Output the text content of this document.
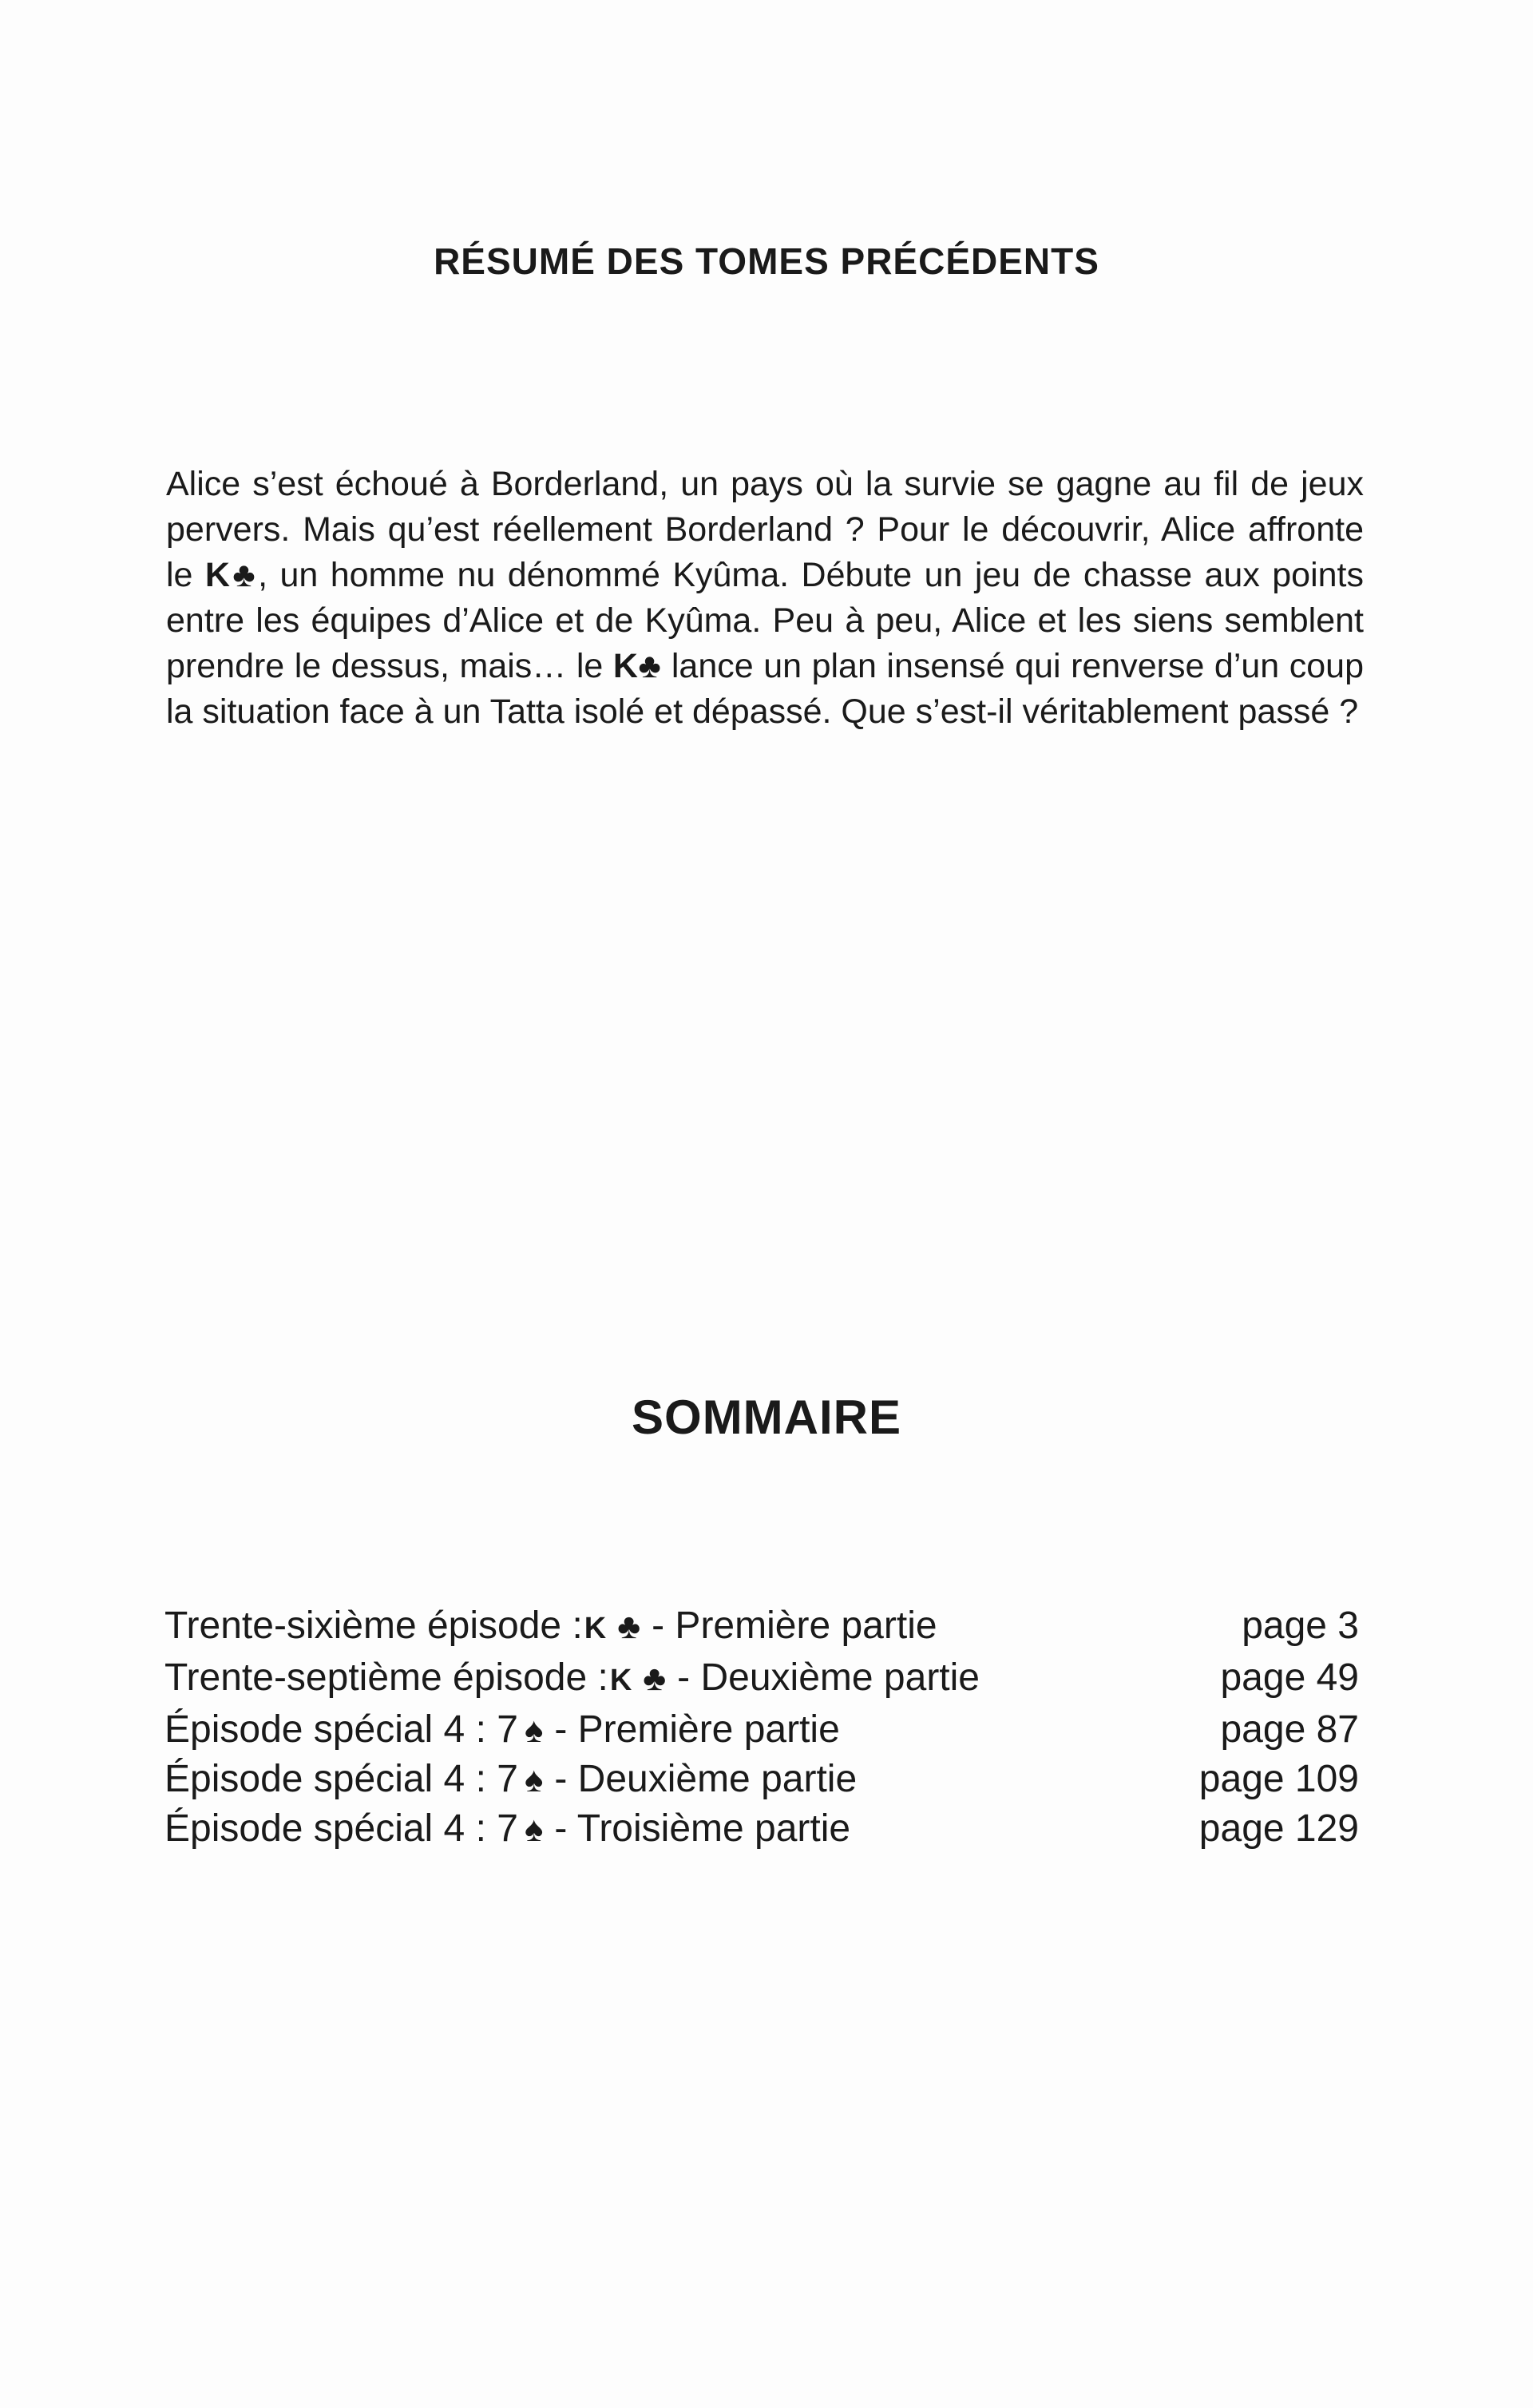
RÉSUMÉ DES TOMES PRÉCÉDENTS
Alice s’est échoué à Borderland, un pays où la survie se gagne au fil de jeux
pervers. Mais qu’est réellement Borderland ? Pour le découvrir, Alice affronte
le K♣, un homme nu dénommé Kyûma. Débute un jeu de chasse aux points
entre les équipes d’Alice et de Kyûma. Peu à peu, Alice et les siens semblent
prendre le dessus, mais… le K♣ lance un plan insensé qui renverse d’un coup
la situation face à un Tatta isolé et dépassé. Que s’est-il véritablement passé ?
SOMMAIRE
Trente-sixième épisode : K ♣ - Première partie	page 3
Trente-septième épisode : K ♣ - Deuxième partie	page 49
Épisode spécial 4 : 7 ♠ - Première partie	page 87
Épisode spécial 4 : 7 ♠ - Deuxième partie	page 109
Épisode spécial 4 : 7 ♠ - Troisième partie	page 129
